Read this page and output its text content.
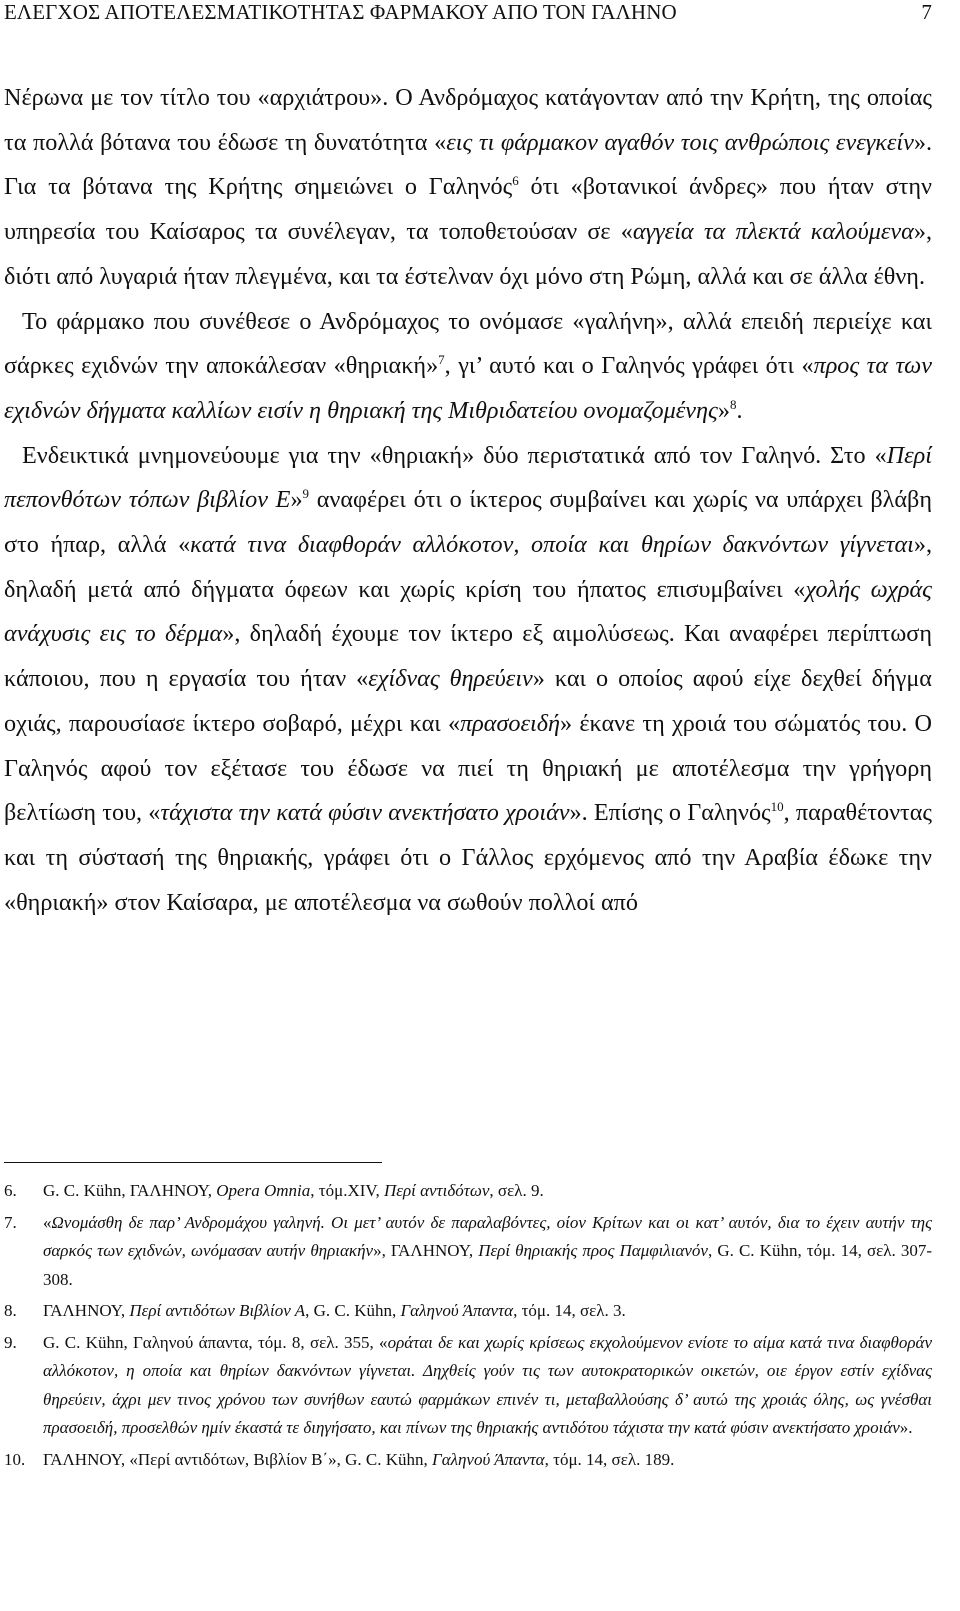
ΕΛΕΓΧΟΣ ΑΠΟΤΕΛΕΣΜΑΤΙΚΟΤΗΤΑΣ ΦΑΡΜΑΚΟΥ ΑΠΟ ΤΟΝ ΓΑΛΗΝΟ	7

Νέρωνα με τον τίτλο του «αρχιάτρου». Ο Ανδρόμαχος κατάγονταν από την Κρήτη, της οποίας τα πολλά βότανα του έδωσε τη δυνατότητα «εις τι φάρμακον αγαθόν τοις ανθρώποις ενεγκείν». Για τα βότανα της Κρήτης σημειώνει ο Γαληνός$^6$ ότι «βοτανικοί άνδρες» που ήταν στην υπηρεσία του Καίσαρος τα συνέλεγαν, τα τοποθετούσαν σε «αγγεία τα πλεκτά καλούμενα», διότι από λυγαριά ήταν πλεγμένα, και τα έστελναν όχι μόνο στη Ρώμη, αλλά και σε άλλα έθνη.

Το φάρμακο που συνέθεσε ο Ανδρόμαχος το ονόμασε «γαλήνη», αλλά επειδή περιείχε και σάρκες εχιδνών την αποκάλεσαν «θηριακή»$^7$, γι’ αυτό και ο Γαληνός γράφει ότι «προς τα των εχιδνών δήγματα καλλίων εισίν η θηριακή της Μιθριδατείου ονομαζομένης»$^8$.

Ενδεικτικά μνημονεύουμε για την «θηριακή» δύο περιστατικά από τον Γαληνό. Στο «Περί πεπονθότων τόπων βιβλίον Ε»$^9$ αναφέρει ότι ο ίκτερος συμβαίνει και χωρίς να υπάρχει βλάβη στο ήπαρ, αλλά «κατά τινα διαφθοράν αλλόκοτον, οποία και θηρίων δακνόντων γίγνεται», δηλαδή μετά από δήγματα όφεων και χωρίς κρίση του ήπατος επισυμβαίνει «χολής ωχράς ανάχυσις εις το δέρμα», δηλαδή έχουμε τον ίκτερο εξ αιμολύσεως. Και αναφέρει περίπτωση κάποιου, που η εργασία του ήταν «εχίδνας θηρεύειν» και ο οποίος αφού είχε δεχθεί δήγμα οχιάς, παρουσίασε ίκτερο σοβαρό, μέχρι και «πρασοειδή» έκανε τη χροιά του σώματός του. Ο Γαληνός αφού τον εξέτασε του έδωσε να πιεί τη θηριακή με αποτέλεσμα την γρήγορη βελτίωση του, «τάχιστα την κατά φύσιν ανεκτήσατο χροιάν». Επίσης ο Γαληνός$^{10}$, παραθέτοντας και τη σύστασή της θηριακής, γράφει ότι ο Γάλλος ερχόμενος από την Αραβία έδωκε την «θηριακή» στον Καίσαρα, με αποτέλεσμα να σωθούν πολλοί από

6. G. C. Kühn, ΓΑΛΗΝΟΥ, Opera Omnia, τόμ.XIV, Περί αντιδότων, σελ. 9.
7. «Ωνομάσθη δε παρ’ Ανδρομάχου γαληνή. Οι μετ’ αυτόν δε παραλαβόντες, οίον Κρίτων και οι κατ’ αυτόν, δια το έχειν αυτήν της σαρκός των εχιδνών, ωνόμασαν αυτήν θηριακήν», ΓΑΛΗΝΟΥ, Περί θηριακής προς Παμφιλιανόν, G. C. Kühn, τόμ. 14, σελ. 307-308.
8. ΓΑΛΗΝΟΥ, Περί αντιδότων Βιβλίον Α, G. C. Kühn, Γαληνού Άπαντα, τόμ. 14, σελ. 3.
9. G. C. Kühn, Γαληνού άπαντα, τόμ. 8, σελ. 355, «οράται δε και χωρίς κρίσεως εκχολούμενον ενίοτε το αίμα κατά τινα διαφθοράν αλλόκοτον, η οποία και θηρίων δακνόντων γίγνεται. Δηχθείς γούν τις των αυτοκρατορικών οικετών, οιε έργον εστίν εχίδνας θηρεύειν, άχρι μεν τινος χρόνου των συνήθων εαυτώ φαρμάκων επινέν τι, μεταβαλλούσης δ’ αυτώ της χροιάς όλης, ως γνέσθαι πρασοειδή, προσελθών ημίν έκαστά τε διηγήσατο, και πίνων της θηριακής αντιδότου τάχιστα την κατά φύσιν ανεκτήσατο χροιάν».
10. ΓΑΛΗΝΟΥ, «Περί αντιδότων, Βιβλίον Β΄», G. C. Kühn, Γαληνού Άπαντα, τόμ. 14, σελ. 189.
